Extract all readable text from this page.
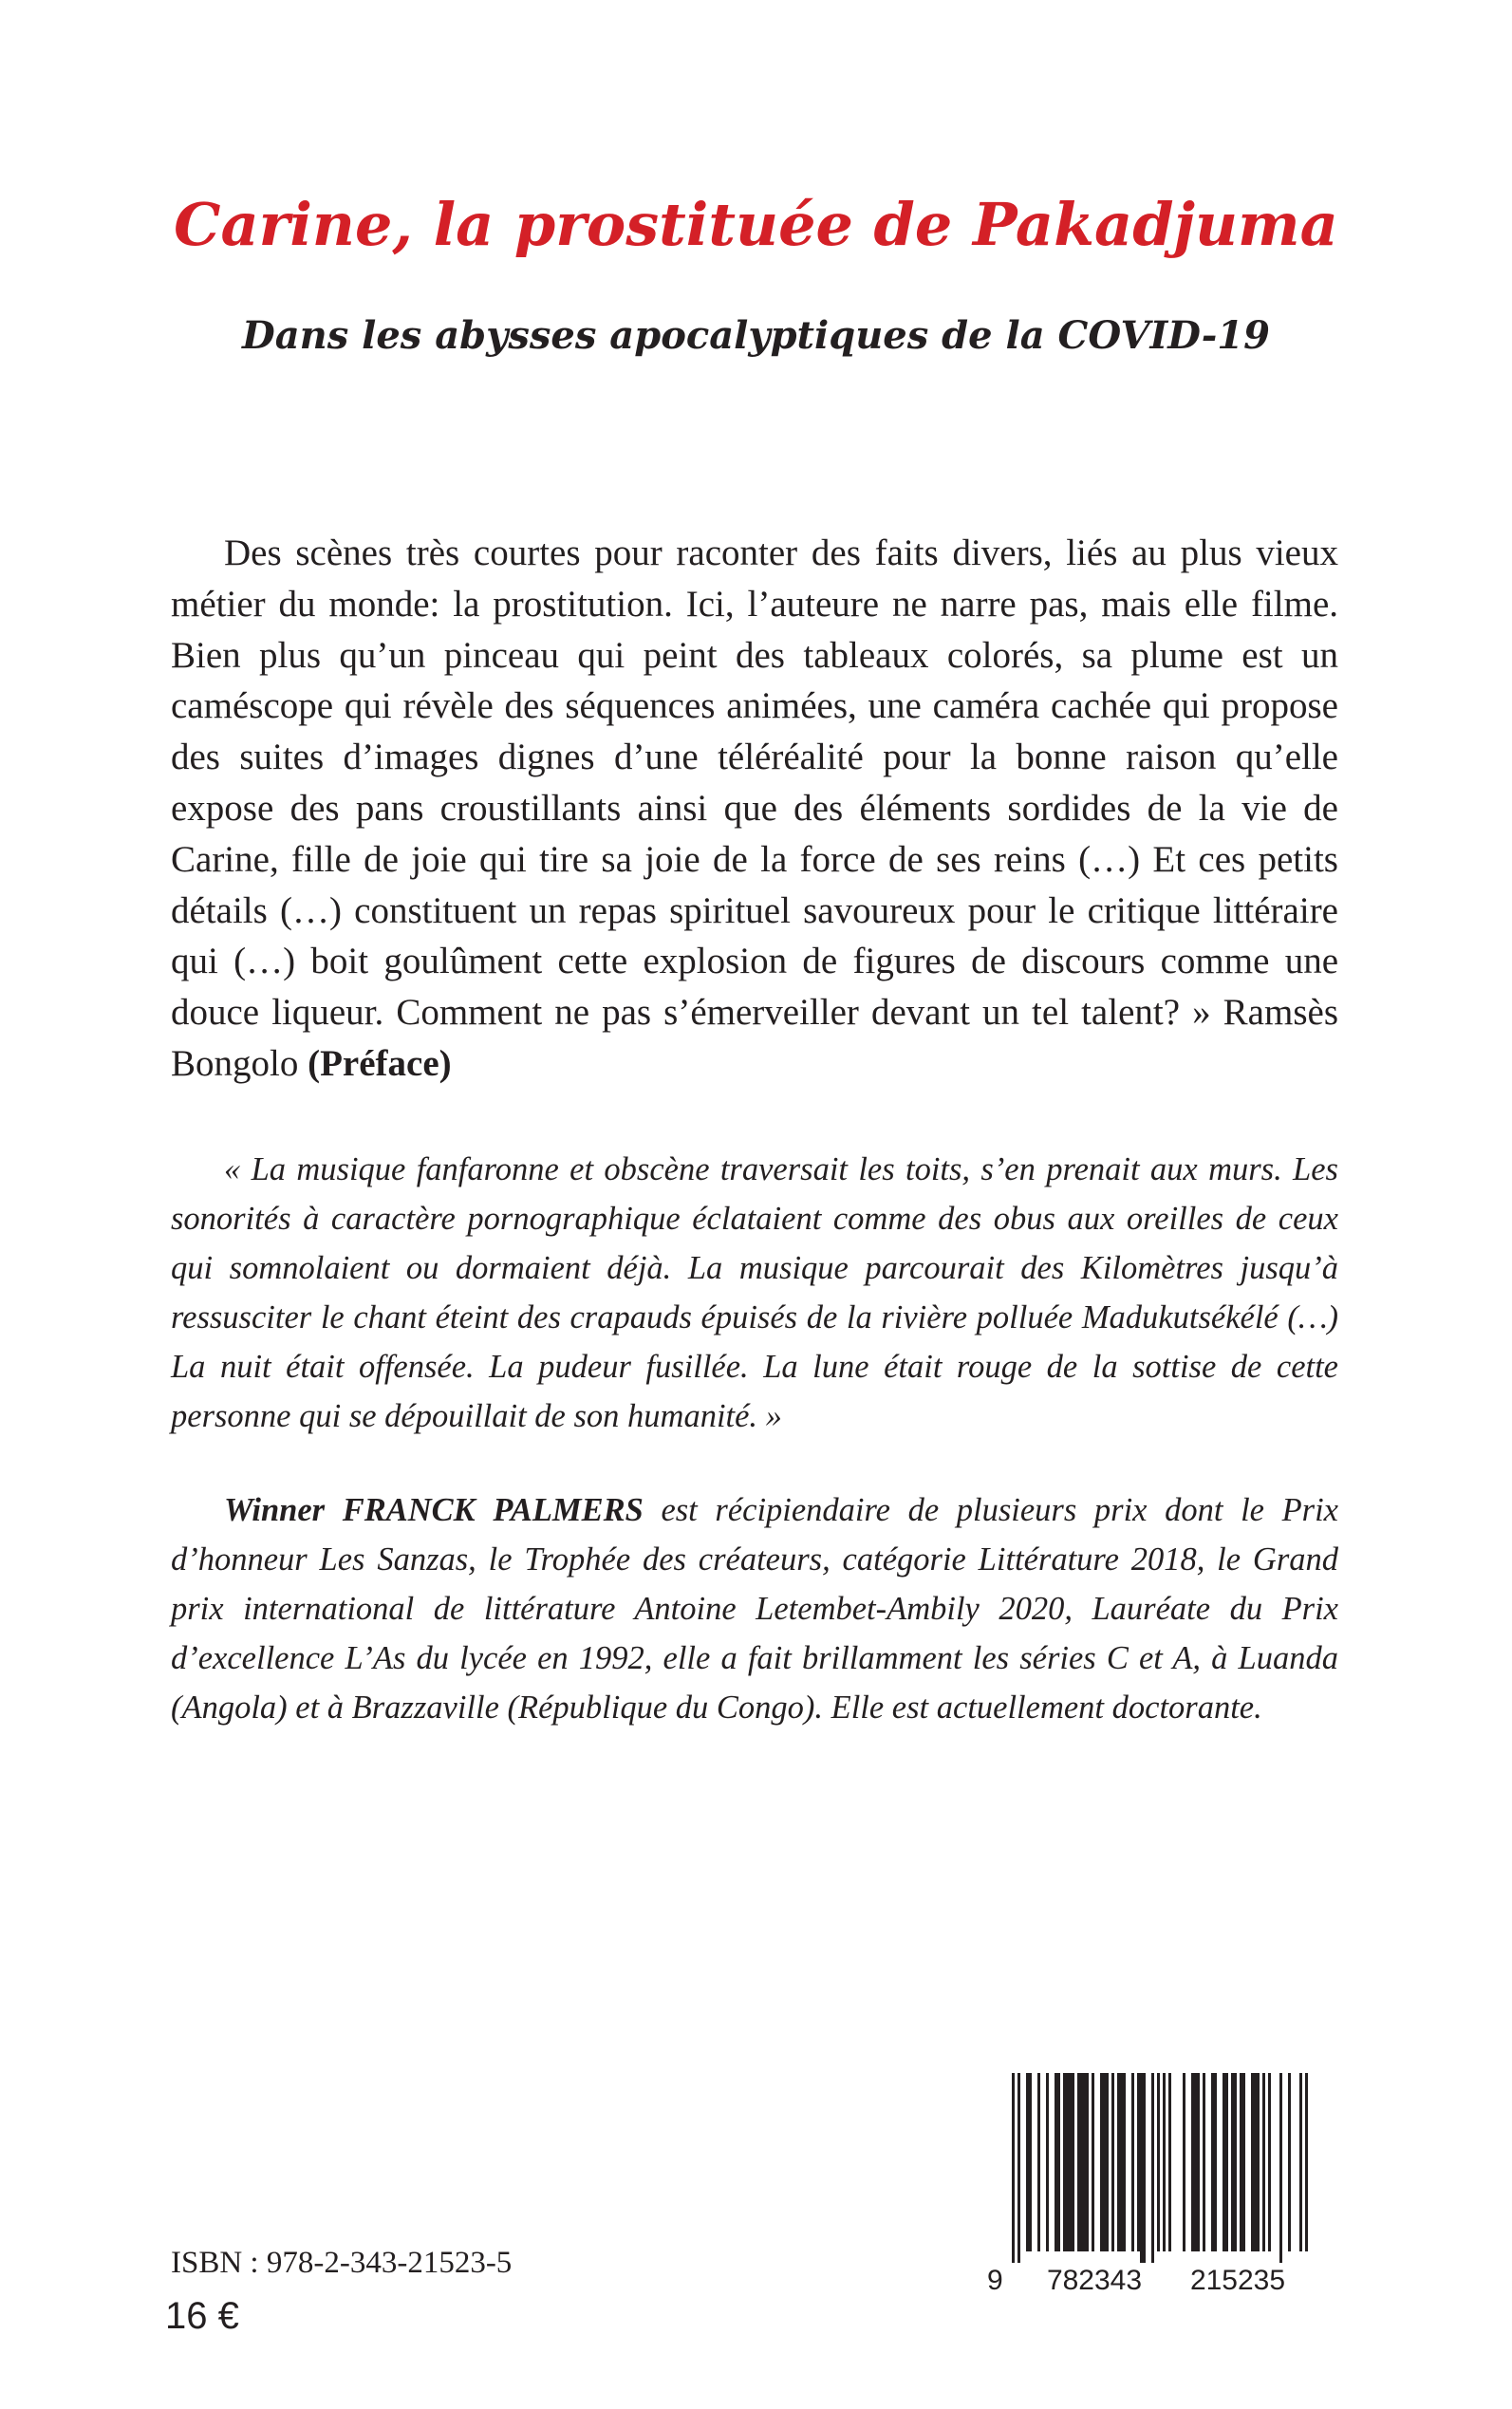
Carine, la prostituée de Pakadjuma
Dans les abysses apocalyptiques de la COVID-19

Des scènes très courtes pour raconter des faits divers, liés au plus vieux métier du monde: la prostitution. Ici, l’auteure ne narre pas, mais elle filme. Bien plus qu’un pinceau qui peint des tableaux colorés, sa plume est un caméscope qui révèle des séquences animées, une caméra cachée qui propose des suites d’images dignes d’une téléréalité pour la bonne raison qu’elle expose des pans croustillants ainsi que des éléments sordides de la vie de Carine, fille de joie qui tire sa joie de la force de ses reins (…) Et ces petits détails (…) constituent un repas spirituel savoureux pour le critique littéraire qui (…) boit goulûment cette explosion de figures de discours comme une douce liqueur. Comment ne pas s’émerveiller devant un tel talent? » Ramsès Bongolo (Préface)

« La musique fanfaronne et obscène traversait les toits, s’en prenait aux murs. Les sonorités à caractère pornographique éclataient comme des obus aux oreilles de ceux qui somnolaient ou dormaient déjà. La musique parcourait des Kilomètres jusqu’à ressusciter le chant éteint des crapauds épuisés de la rivière polluée Madukutsékélé (…) La nuit était offensée. La pudeur fusillée. La lune était rouge de la sottise de cette personne qui se dépouillait de son humanité. »

Winner FRANCK PALMERS est récipiendaire de plusieurs prix dont le Prix d’honneur Les Sanzas, le Trophée des créateurs, catégorie Littérature 2018, le Grand prix international de littérature Antoine Letembet-Ambily 2020, Lauréate du Prix d’excellence L’As du lycée en 1992, elle a fait brillamment les séries C et A, à Luanda (Angola) et à Brazzaville (République du Congo). Elle est actuellement doctorante.

9 782343 215235

ISBN : 978-2-343-21523-5

16 €
